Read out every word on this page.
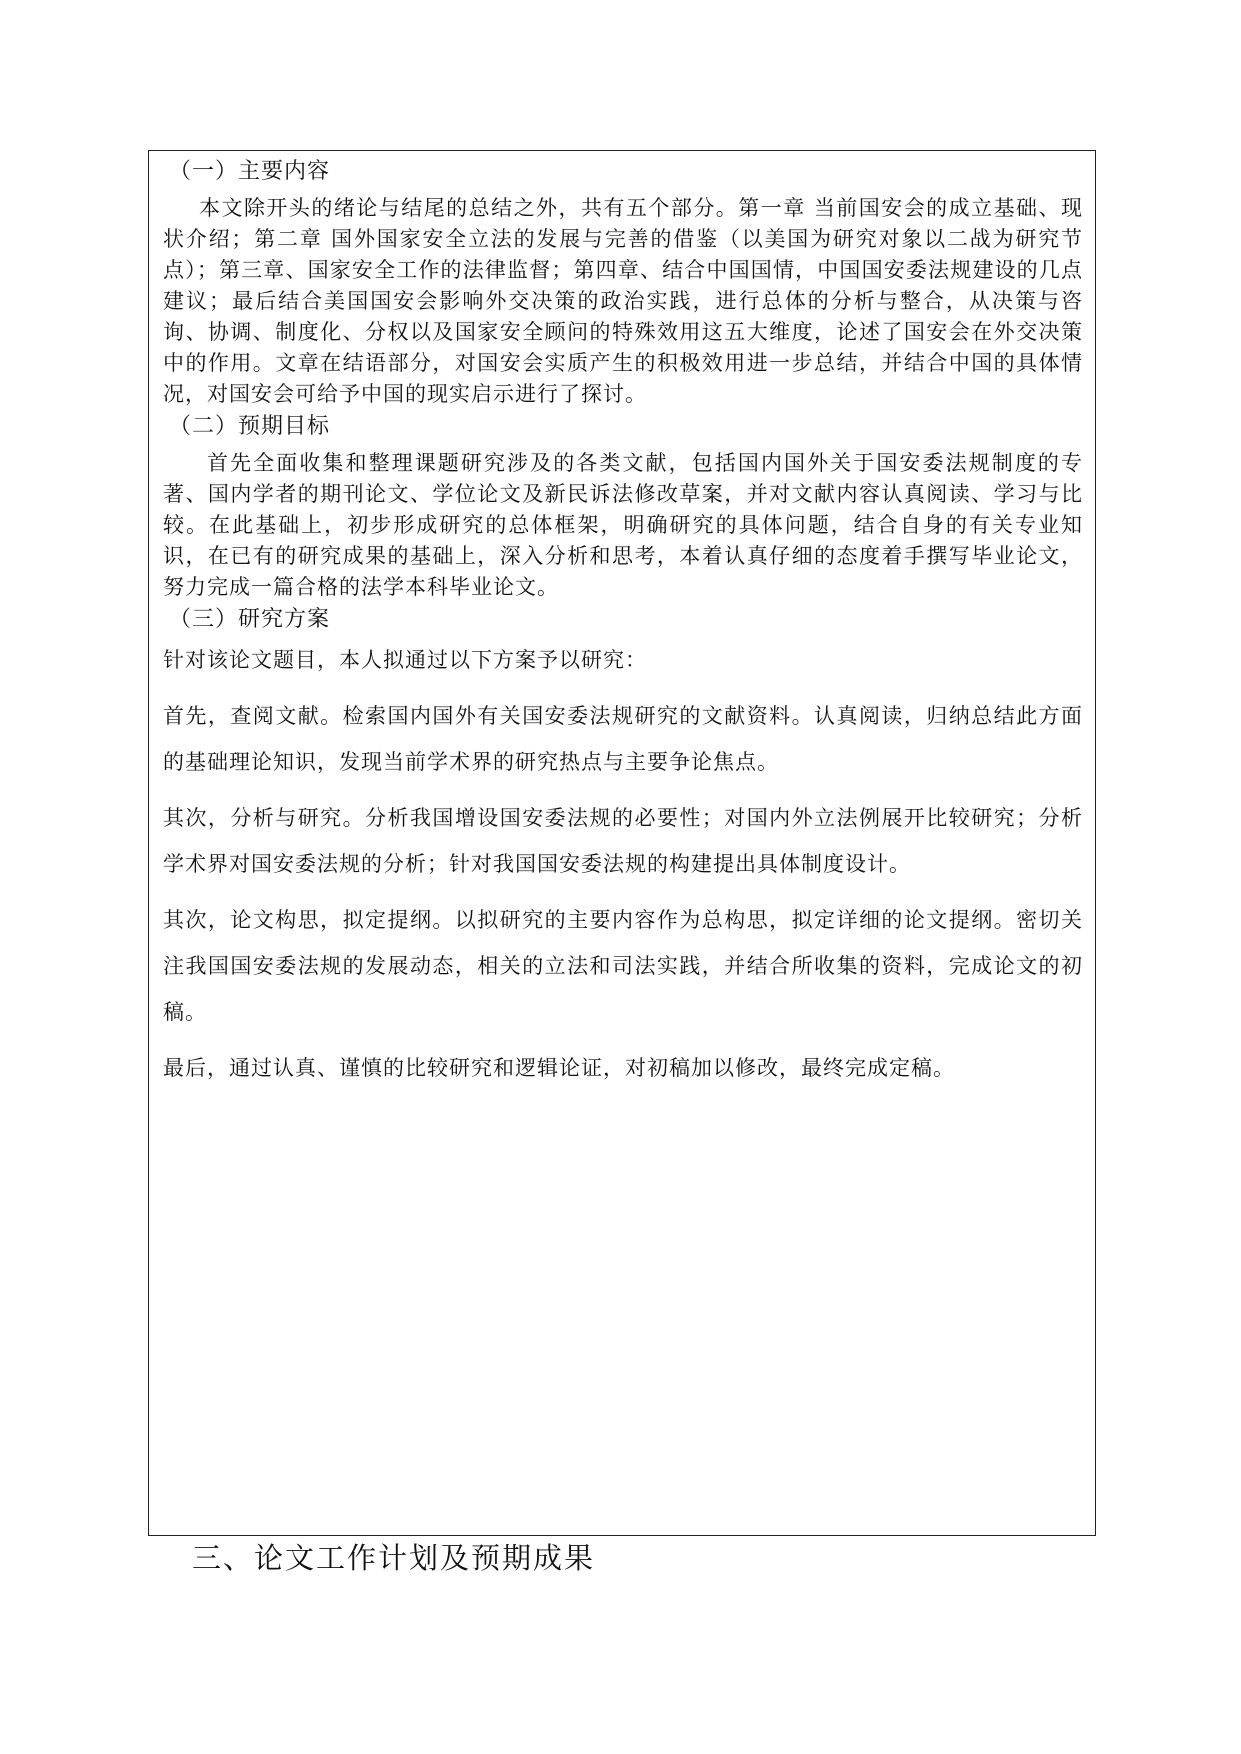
（一）主要内容

本文除开头的绪论与结尾的总结之外，共有五个部分。第一章 当前国安会的成立基础、现状介绍；第二章 国外国家安全立法的发展与完善的借鉴（以美国为研究对象以二战为研究节点）；第三章、国家安全工作的法律监督；第四章、结合中国国情，中国国安委法规建设的几点建议；最后结合美国国安会影响外交决策的政治实践，进行总体的分析与整合，从决策与咨询、协调、制度化、分权以及国家安全顾问的特殊效用这五大维度，论述了国安会在外交决策中的作用。文章在结语部分，对国安会实质产生的积极效用进一步总结，并结合中国的具体情况，对国安会可给予中国的现实启示进行了探讨。

（二）预期目标

首先全面收集和整理课题研究涉及的各类文献，包括国内国外关于国安委法规制度的专著、国内学者的期刊论文、学位论文及新民诉法修改草案，并对文献内容认真阅读、学习与比较。在此基础上，初步形成研究的总体框架，明确研究的具体问题，结合自身的有关专业知识，在已有的研究成果的基础上，深入分析和思考，本着认真仔细的态度着手撰写毕业论文，努力完成一篇合格的法学本科毕业论文。

（三）研究方案

针对该论文题目，本人拟通过以下方案予以研究：

首先，查阅文献。检索国内国外有关国安委法规研究的文献资料。认真阅读，归纳总结此方面的基础理论知识，发现当前学术界的研究热点与主要争论焦点。

其次，分析与研究。分析我国增设国安委法规的必要性；对国内外立法例展开比较研究；分析学术界对国安委法规的分析；针对我国国安委法规的构建提出具体制度设计。

其次，论文构思，拟定提纲。以拟研究的主要内容作为总构思，拟定详细的论文提纲。密切关注我国国安委法规的发展动态，相关的立法和司法实践，并结合所收集的资料，完成论文的初稿。

最后，通过认真、谨慎的比较研究和逻辑论证，对初稿加以修改，最终完成定稿。

三、论文工作计划及预期成果
